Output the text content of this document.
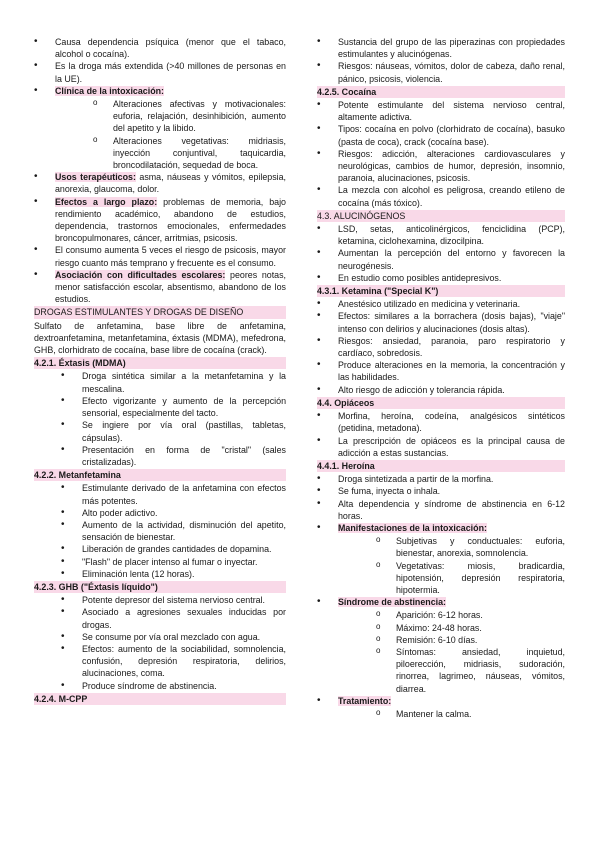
• Causa dependencia psíquica (menor que el tabaco, alcohol o cocaína).
• Es la droga más extendida (>40 millones de personas en la UE).
• Clínica de la intoxicación:
o Alteraciones afectivas y motivacionales: euforia, relajación, desinhibición, aumento del apetito y la libido.
o Alteraciones vegetativas: midriasis, inyección conjuntival, taquicardia, broncodilatación, sequedad de boca.
• Usos terapéuticos: asma, náuseas y vómitos, epilepsia, anorexia, glaucoma, dolor.
• Efectos a largo plazo: problemas de memoria, bajo rendimiento académico, abandono de estudios, dependencia, trastornos emocionales, enfermedades broncopulmonares, cáncer, arritmias, psicosis.
• El consumo aumenta 5 veces el riesgo de psicosis, mayor riesgo cuanto más temprano y frecuente es el consumo.
• Asociación con dificultades escolares: peores notas, menor satisfacción escolar, absentismo, abandono de los estudios.
DROGAS ESTIMULANTES Y DROGAS DE DISEÑO
Sulfato de anfetamina, base libre de anfetamina, dextroanfetamina, metanfetamina, éxtasis (MDMA), mefedrona, GHB, clorhidrato de cocaína, base libre de cocaína (crack).
4.2.1. Éxtasis (MDMA)
• Droga sintética similar a la metanfetamina y la mescalina.
• Efecto vigorizante y aumento de la percepción sensorial, especialmente del tacto.
• Se ingiere por vía oral (pastillas, tabletas, cápsulas).
• Presentación en forma de "cristal" (sales cristalizadas).
4.2.2. Metanfetamina
• Estimulante derivado de la anfetamina con efectos más potentes.
• Alto poder adictivo.
• Aumento de la actividad, disminución del apetito, sensación de bienestar.
• Liberación de grandes cantidades de dopamina.
• "Flash" de placer intenso al fumar o inyectar.
• Eliminación lenta (12 horas).
4.2.3. GHB ("Éxtasis líquido")
• Potente depresor del sistema nervioso central.
• Asociado a agresiones sexuales inducidas por drogas.
• Se consume por vía oral mezclado con agua.
• Efectos: aumento de la sociabilidad, somnolencia, confusión, depresión respiratoria, delirios, alucinaciones, coma.
• Produce síndrome de abstinencia.
4.2.4. M-CPP
• Sustancia del grupo de las piperazinas con propiedades estimulantes y alucinógenas.
• Riesgos: náuseas, vómitos, dolor de cabeza, daño renal, pánico, psicosis, violencia.
4.2.5. Cocaína
• Potente estimulante del sistema nervioso central, altamente adictiva.
• Tipos: cocaína en polvo (clorhidrato de cocaína), basuko (pasta de coca), crack (cocaína base).
• Riesgos: adicción, alteraciones cardiovasculares y neurológicas, cambios de humor, depresión, insomnio, paranoia, alucinaciones, psicosis.
• La mezcla con alcohol es peligrosa, creando etileno de cocaína (más tóxico).
4.3. ALUCINÓGENOS
• LSD, setas, anticolinérgicos, fenciclidina (PCP), ketamina, ciclohexamina, dizocilpina.
• Aumentan la percepción del entorno y favorecen la neurogénesis.
• En estudio como posibles antidepresivos.
4.3.1. Ketamina ("Special K")
• Anestésico utilizado en medicina y veterinaria.
• Efectos: similares a la borrachera (dosis bajas), "viaje" intenso con delirios y alucinaciones (dosis altas).
• Riesgos: ansiedad, paranoia, paro respiratorio y cardíaco, sobredosis.
• Produce alteraciones en la memoria, la concentración y las habilidades.
• Alto riesgo de adicción y tolerancia rápida.
4.4. Opiáceos
• Morfina, heroína, codeína, analgésicos sintéticos (petidina, metadona).
• La prescripción de opiáceos es la principal causa de adicción a estas sustancias.
4.4.1. Heroína
• Droga sintetizada a partir de la morfina.
• Se fuma, inyecta o inhala.
• Alta dependencia y síndrome de abstinencia en 6-12 horas.
• Manifestaciones de la intoxicación:
o Subjetivas y conductuales: euforia, bienestar, anorexia, somnolencia.
o Vegetativas: miosis, bradicardia, hipotensión, depresión respiratoria, hipotermia.
• Síndrome de abstinencia:
o Aparición: 6-12 horas.
o Máximo: 24-48 horas.
o Remisión: 6-10 días.
o Síntomas: ansiedad, inquietud, piloerección, midriasis, sudoración, rinorrea, lagrimeo, náuseas, vómitos, diarrea.
• Tratamiento:
o Mantener la calma.
